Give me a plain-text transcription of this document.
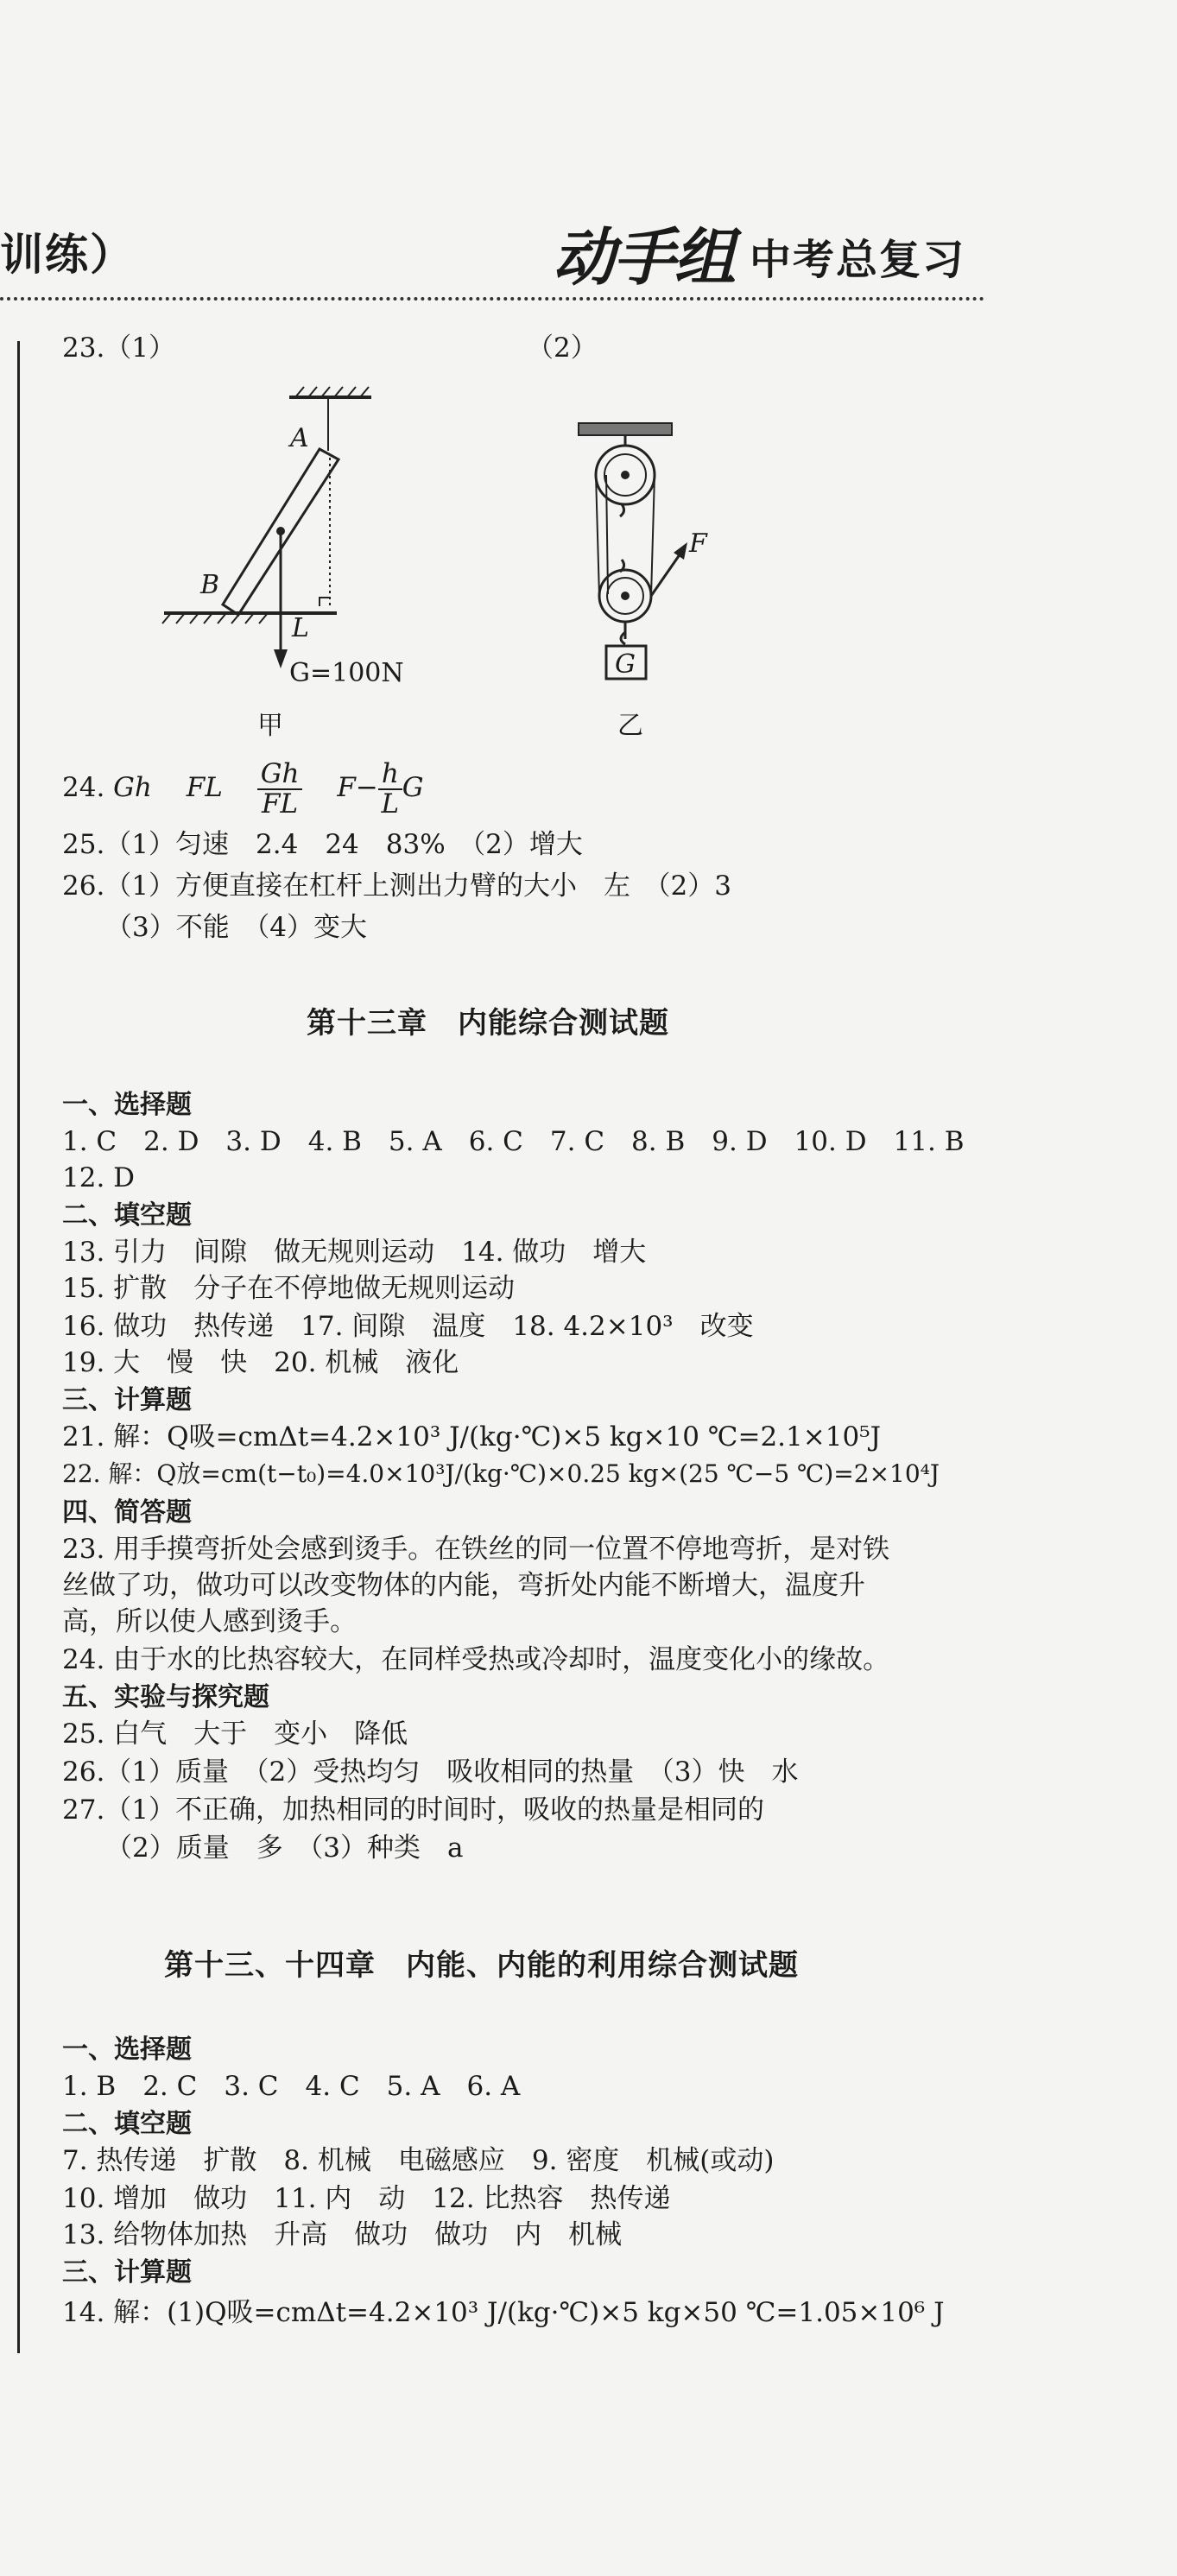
训练）	动手组 中考总复习
23.（1）	（2）
A
B
L
G=100N
甲
F
G
乙
24. Gh FL $\frac{Gh}{FL} F- \frac{h}{L}$ G
25.（1）匀速　2.4　24　83%　（2）增大
26.（1）方便直接在杠杆上测出力臂的大小　左　（2）3
（3）不能　（4）变大
第十三章　内能综合测试题
一、选择题
1. C　2. D　3. D　4. B　5. A　6. C　7. C　8. B　9. D　10. D　11. B
12. D
二、填空题
13. 引力　间隙　做无规则运动　14. 做功　增大
15. 扩散　分子在不停地做无规则运动
16. 做功　热传递　17. 间隙　温度　18. 4.2×10³　改变
19. 大　慢　快　20. 机械　液化
三、计算题
21. 解：Q吸=cmΔt=4.2×10³ J/(kg·℃)×5 kg×10 ℃=2.1×10⁵J
22. 解：Q放=cm(t−t₀)=4.0×10³J/(kg·℃)×0.25 kg×(25 ℃−5 ℃)=2×10⁴J
四、简答题
23. 用手摸弯折处会感到烫手。在铁丝的同一位置不停地弯折，是对铁
丝做了功，做功可以改变物体的内能，弯折处内能不断增大，温度升
高，所以使人感到烫手。
24. 由于水的比热容较大，在同样受热或冷却时，温度变化小的缘故。
五、实验与探究题
25. 白气　大于　变小　降低
26.（1）质量　（2）受热均匀　吸收相同的热量　（3）快　水
27.（1）不正确，加热相同的时间时，吸收的热量是相同的
（2）质量　多　（3）种类　a
第十三、十四章　内能、内能的利用综合测试题
一、选择题
1. B　2. C　3. C　4. C　5. A　6. A
二、填空题
7. 热传递　扩散　8. 机械　电磁感应　9. 密度　机械(或动)
10. 增加　做功　11. 内　动　12. 比热容　热传递
13. 给物体加热　升高　做功　做功　内　机械
三、计算题
14. 解：(1)Q吸=cmΔt=4.2×10³ J/(kg·℃)×5 kg×50 ℃=1.05×10⁶ J
